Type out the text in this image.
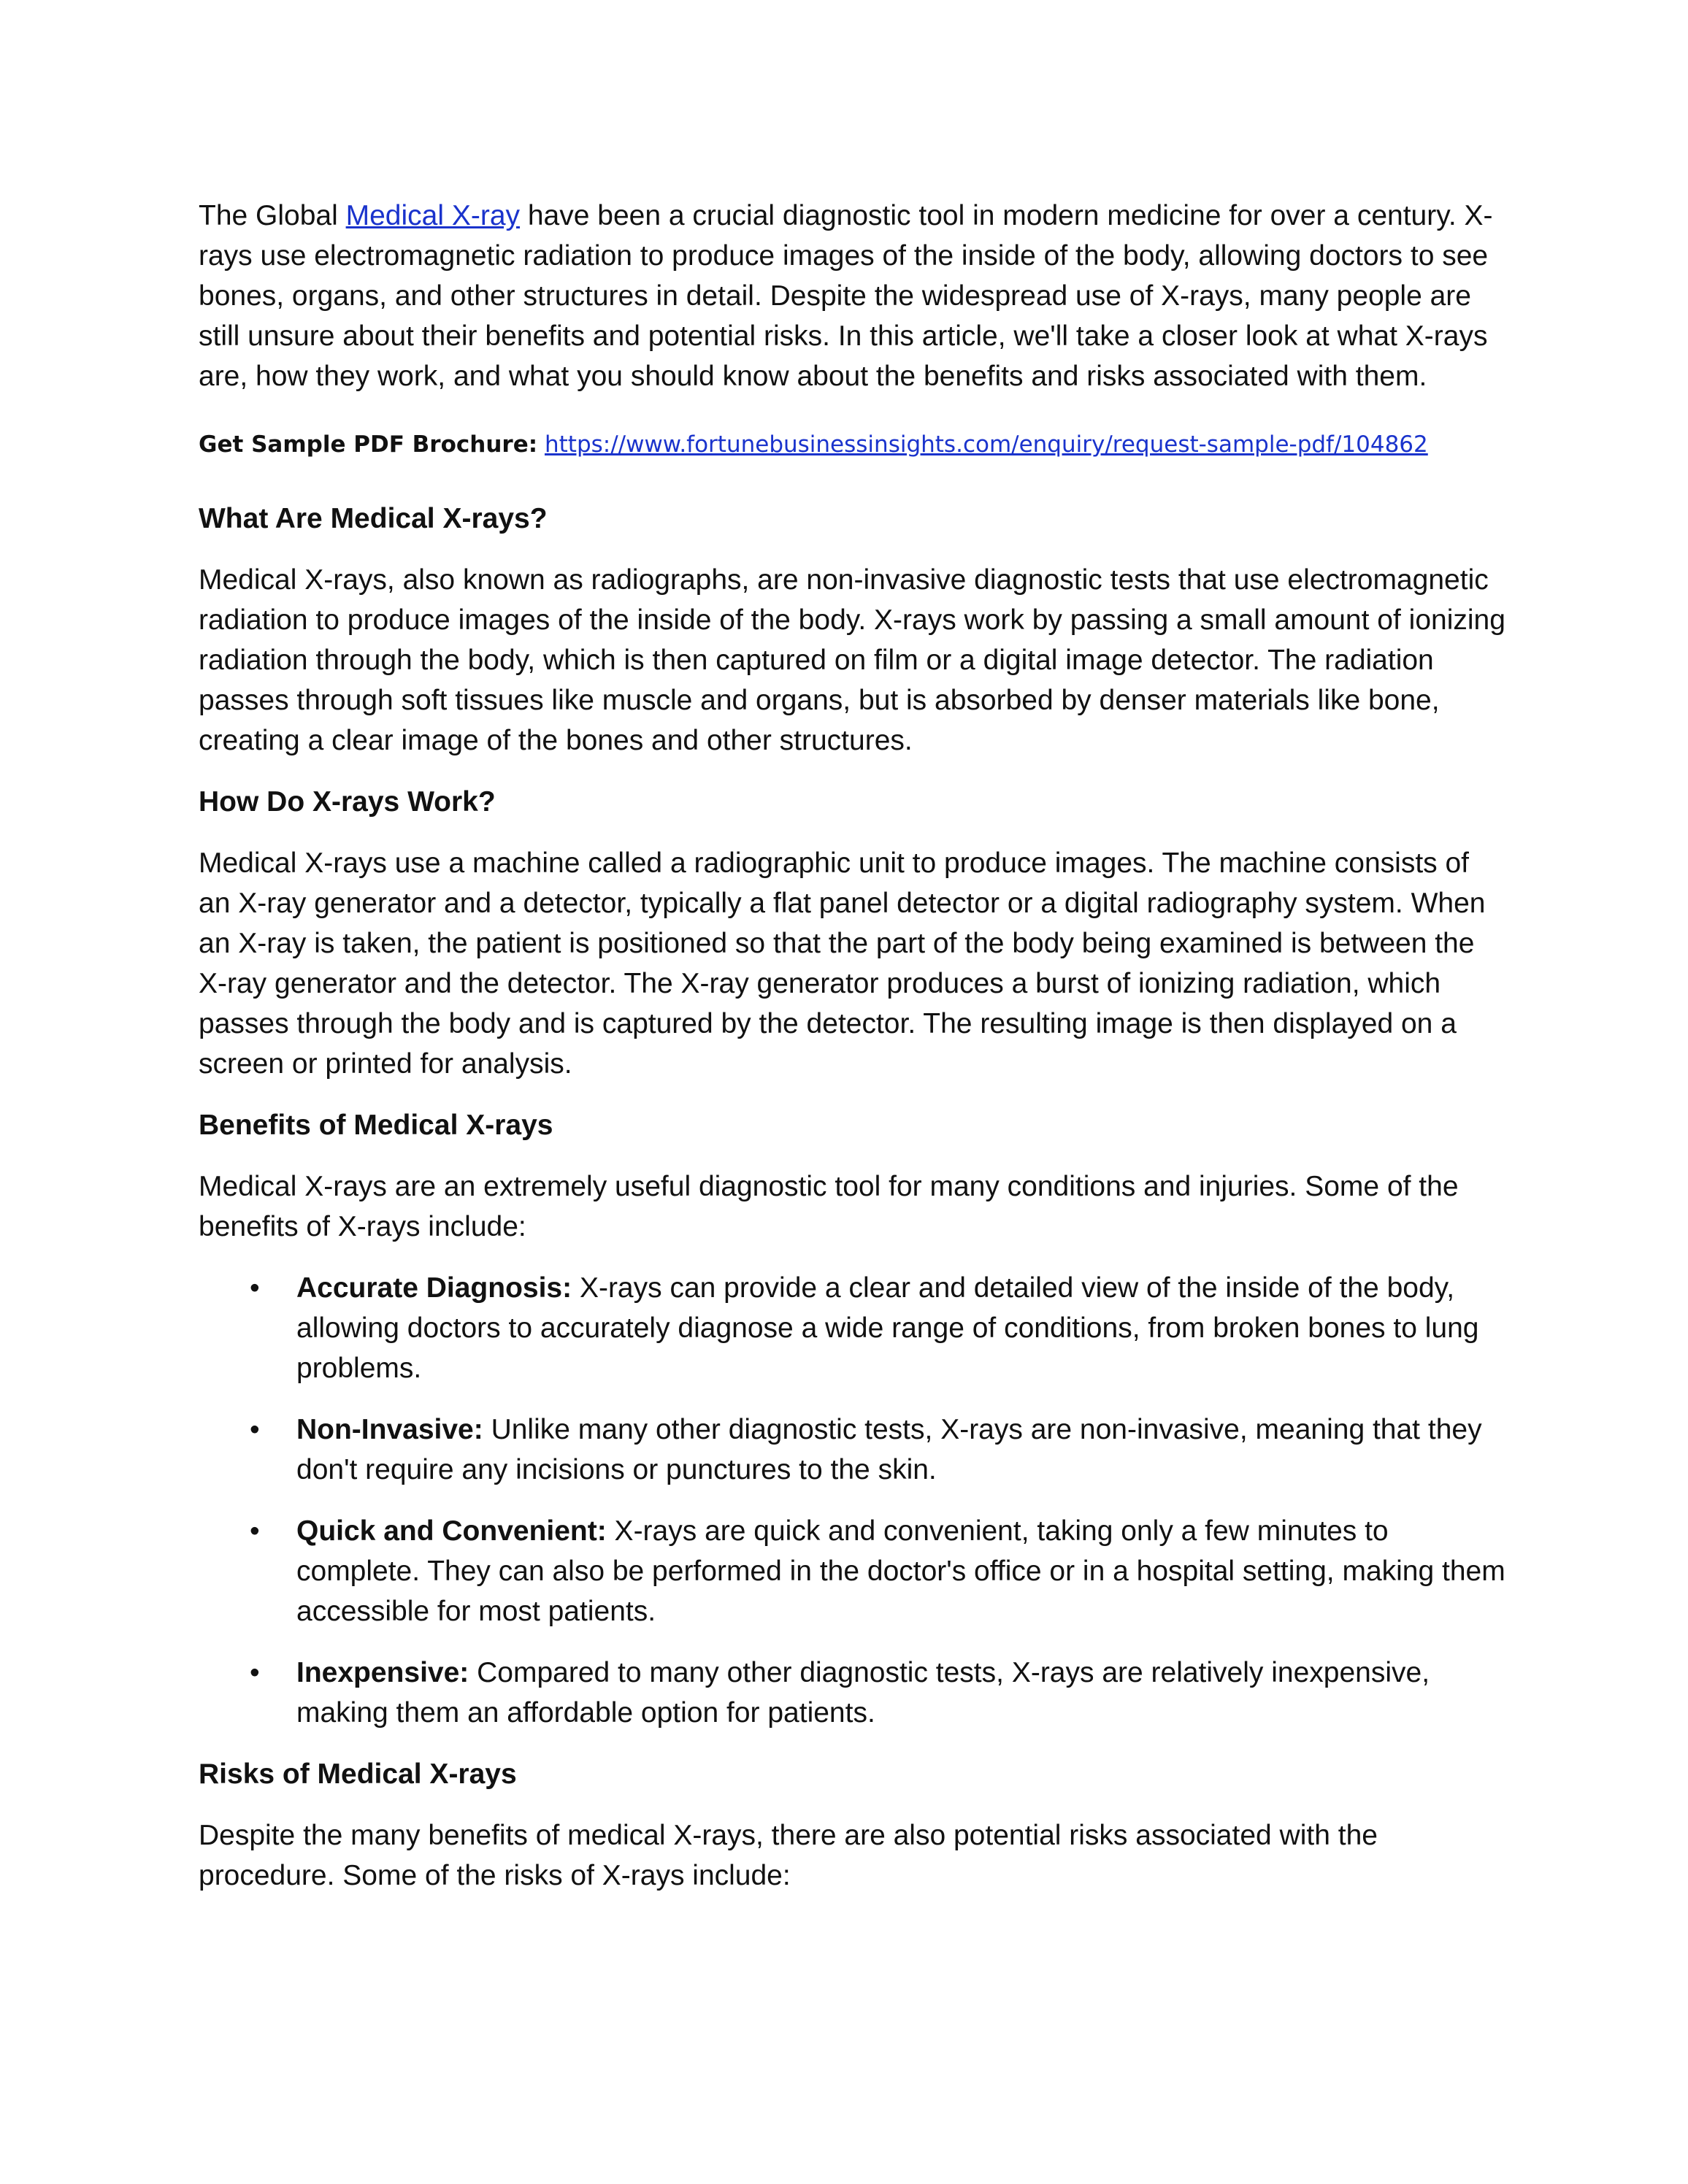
The Global Medical X-ray have been a crucial diagnostic tool in modern medicine for over a century. X-rays use electromagnetic radiation to produce images of the inside of the body, allowing doctors to see bones, organs, and other structures in detail. Despite the widespread use of X-rays, many people are still unsure about their benefits and potential risks. In this article, we'll take a closer look at what X-rays are, how they work, and what you should know about the benefits and risks associated with them.

Get Sample PDF Brochure: https://www.fortunebusinessinsights.com/enquiry/request-sample-pdf/104862

What Are Medical X-rays?

Medical X-rays, also known as radiographs, are non-invasive diagnostic tests that use electromagnetic radiation to produce images of the inside of the body. X-rays work by passing a small amount of ionizing radiation through the body, which is then captured on film or a digital image detector. The radiation passes through soft tissues like muscle and organs, but is absorbed by denser materials like bone, creating a clear image of the bones and other structures.

How Do X-rays Work?

Medical X-rays use a machine called a radiographic unit to produce images. The machine consists of an X-ray generator and a detector, typically a flat panel detector or a digital radiography system. When an X-ray is taken, the patient is positioned so that the part of the body being examined is between the X-ray generator and the detector. The X-ray generator produces a burst of ionizing radiation, which passes through the body and is captured by the detector. The resulting image is then displayed on a screen or printed for analysis.

Benefits of Medical X-rays

Medical X-rays are an extremely useful diagnostic tool for many conditions and injuries. Some of the benefits of X-rays include:

• Accurate Diagnosis: X-rays can provide a clear and detailed view of the inside of the body, allowing doctors to accurately diagnose a wide range of conditions, from broken bones to lung problems.
• Non-Invasive: Unlike many other diagnostic tests, X-rays are non-invasive, meaning that they don't require any incisions or punctures to the skin.
• Quick and Convenient: X-rays are quick and convenient, taking only a few minutes to complete. They can also be performed in the doctor's office or in a hospital setting, making them accessible for most patients.
• Inexpensive: Compared to many other diagnostic tests, X-rays are relatively inexpensive, making them an affordable option for patients.
Risks of Medical X-rays

Despite the many benefits of medical X-rays, there are also potential risks associated with the procedure. Some of the risks of X-rays include:
